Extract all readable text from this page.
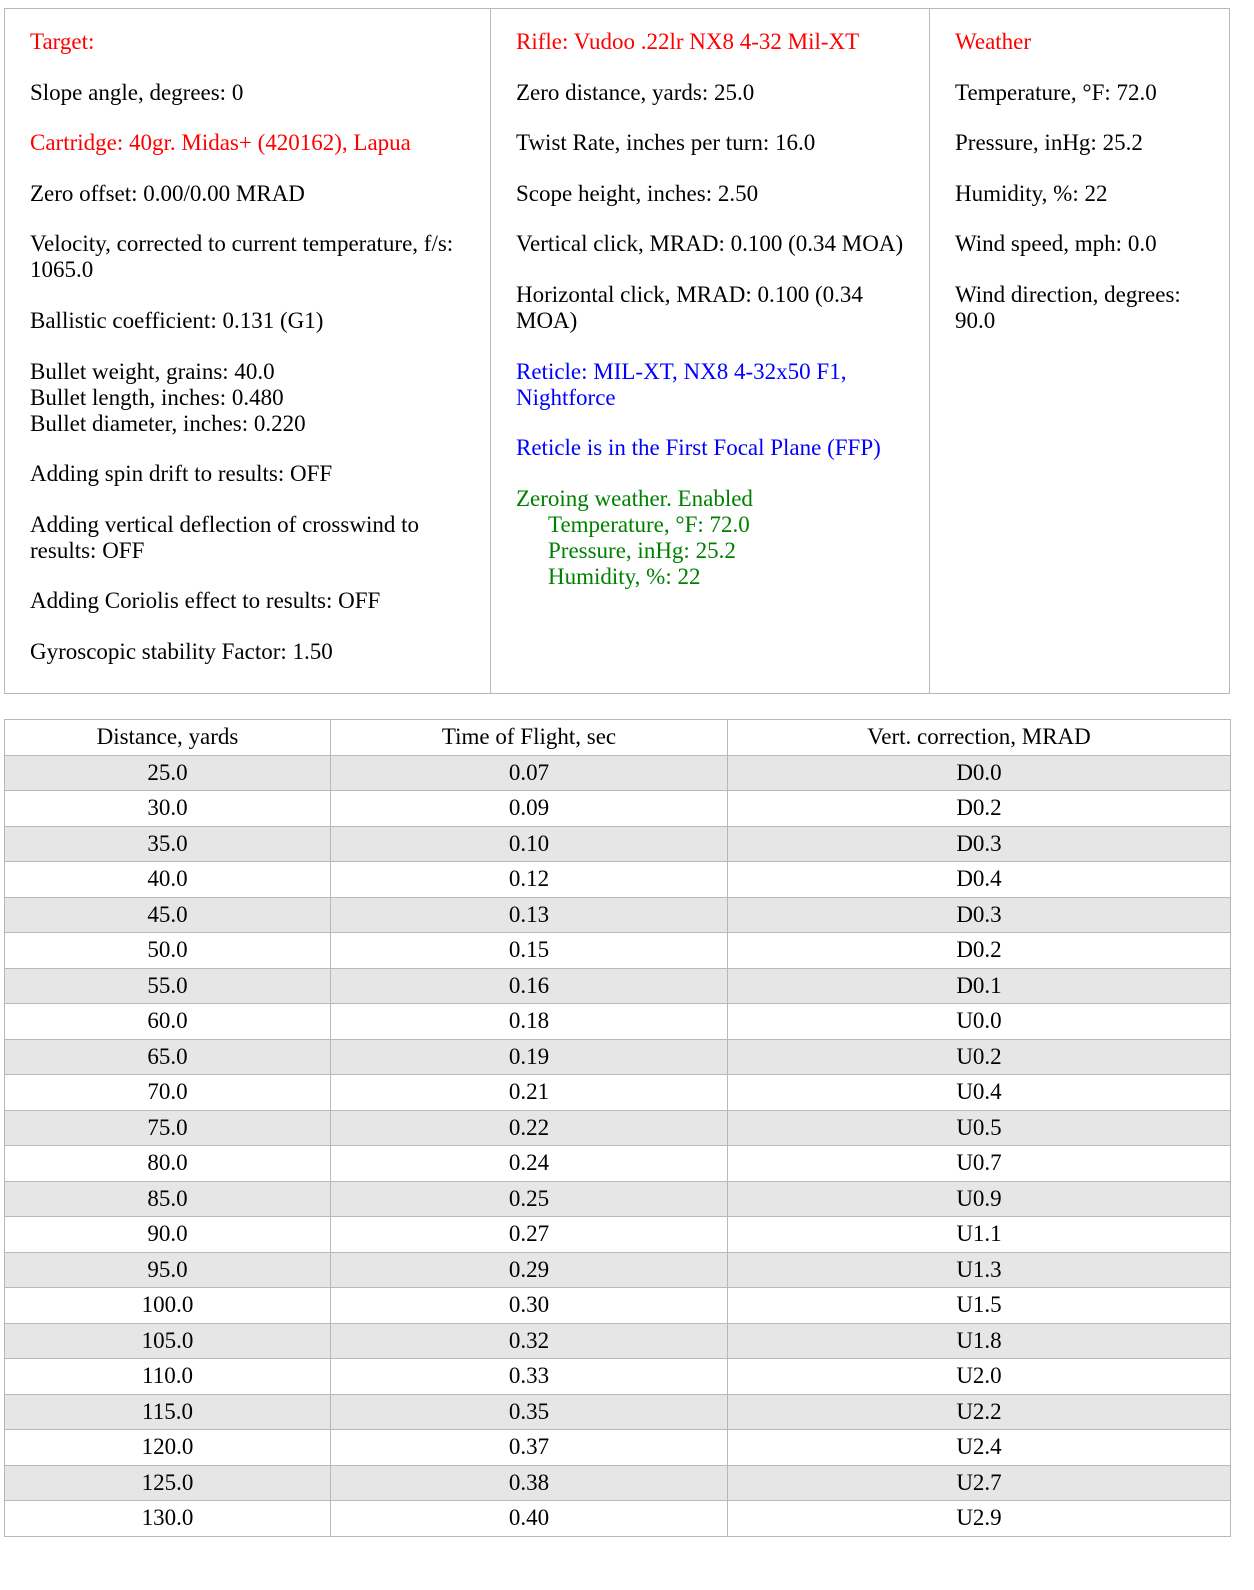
Target:

Slope angle, degrees: 0

Cartridge: 40gr. Midas+ (420162), Lapua

Zero offset: 0.00/0.00 MRAD

Velocity, corrected to current temperature, f/s: 1065.0

Ballistic coefficient: 0.131 (G1)

Bullet weight, grains: 40.0
Bullet length, inches: 0.480
Bullet diameter, inches: 0.220

Adding spin drift to results: OFF

Adding vertical deflection of crosswind to results: OFF

Adding Coriolis effect to results: OFF

Gyroscopic stability Factor: 1.50

Rifle: Vudoo .22lr NX8 4-32 Mil-XT

Zero distance, yards: 25.0

Twist Rate, inches per turn: 16.0

Scope height, inches: 2.50

Vertical click, MRAD: 0.100 (0.34 MOA)

Horizontal click, MRAD: 0.100 (0.34 MOA)

Reticle: MIL-XT, NX8 4-32x50 F1, Nightforce

Reticle is in the First Focal Plane (FFP)

Zeroing weather. Enabled
Temperature, °F: 72.0
Pressure, inHg: 25.2
Humidity, %: 22

Weather

Temperature, °F: 72.0

Pressure, inHg: 25.2

Humidity, %: 22

Wind speed, mph: 0.0

Wind direction, degrees: 90.0

Distance, yards	Time of Flight, sec	Vert. correction, MRAD
25.0	0.07	D0.0
30.0	0.09	D0.2
35.0	0.10	D0.3
40.0	0.12	D0.4
45.0	0.13	D0.3
50.0	0.15	D0.2
55.0	0.16	D0.1
60.0	0.18	U0.0
65.0	0.19	U0.2
70.0	0.21	U0.4
75.0	0.22	U0.5
80.0	0.24	U0.7
85.0	0.25	U0.9
90.0	0.27	U1.1
95.0	0.29	U1.3
100.0	0.30	U1.5
105.0	0.32	U1.8
110.0	0.33	U2.0
115.0	0.35	U2.2
120.0	0.37	U2.4
125.0	0.38	U2.7
130.0	0.40	U2.9
